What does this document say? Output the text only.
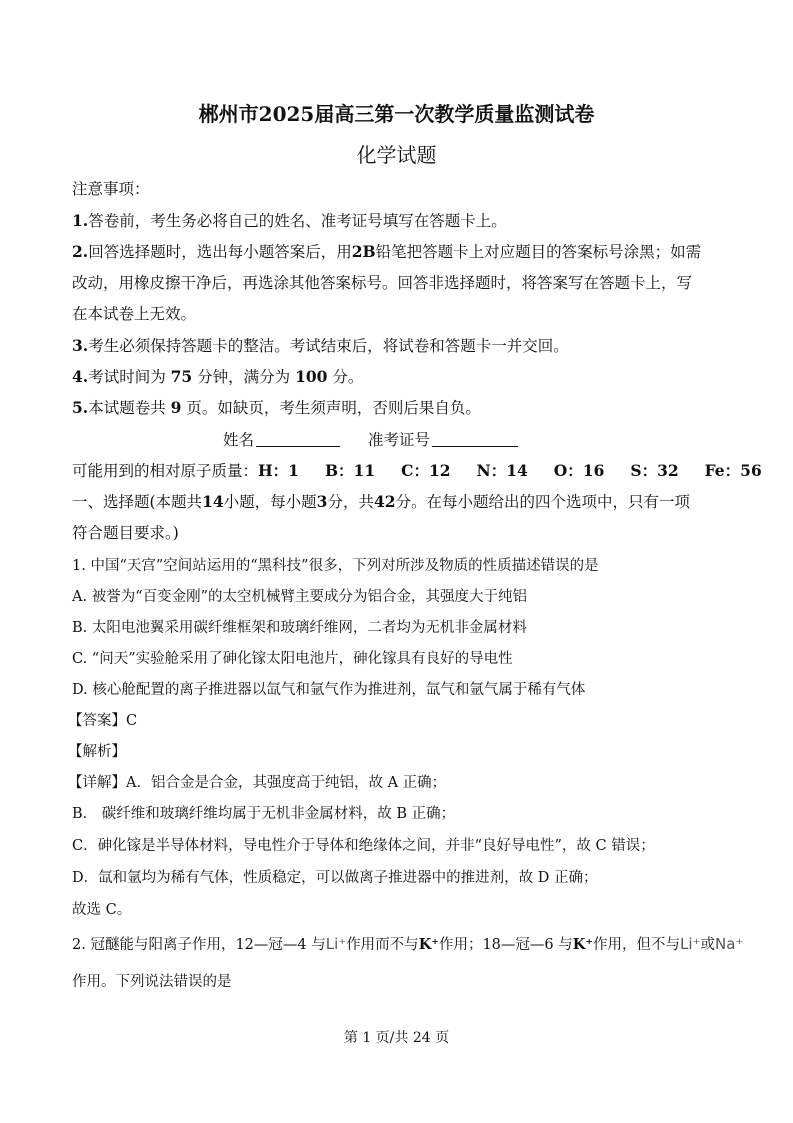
郴州市2025届高三第一次教学质量监测试卷
化学试题
注意事项：
1.答卷前，考生务必将自己的姓名、准考证号填写在答题卡上。
2.回答选择题时，选出每小题答案后，用2B铅笔把答题卡上对应题目的答案标号涂黑；如需
改动，用橡皮擦干净后，再选涂其他答案标号。回答非选择题时，将答案写在答题卡上，写
在本试卷上无效。
3.考生必须保持答题卡的整洁。考试结束后，将试卷和答题卡一并交回。
4.考试时间为 75 分钟，满分为 100 分。
5.本试题卷共 9 页。如缺页，考生须声明，否则后果自负。
姓名	准考证号
可能用到的相对原子质量：H：1 B：11 C：12 N：14 O：16 S：32 Fe：56
一、选择题(本题共14小题，每小题3分，共42分。在每小题给出的四个选项中，只有一项
符合题目要求。)
1. 中国“天宫”空间站运用的“黑科技”很多，下列对所涉及物质的性质描述错误的是
A. 被誉为“百变金刚”的太空机械臂主要成分为铝合金，其强度大于纯铝
B. 太阳电池翼采用碳纤维框架和玻璃纤维网，二者均为无机非金属材料
C. “问天”实验舱采用了砷化镓太阳电池片，砷化镓具有良好的导电性
D. 核心舱配置的离子推进器以氙气和氩气作为推进剂，氙气和氩气属于稀有气体
【答案】C
【解析】
【详解】A．铝合金是合金，其强度高于纯铝，故 A 正确；
B． 碳纤维和玻璃纤维均属于无机非金属材料，故 B 正确；
C．砷化镓是半导体材料，导电性介于导体和绝缘体之间，并非“良好导电性”，故 C 错误；
D．氙和氩均为稀有气体，性质稳定，可以做离子推进器中的推进剂，故 D 正确；
故选 C。
2. 冠醚能与阳离子作用，12—冠—4 与Li⁺作用而不与K⁺作用；18—冠—6 与K⁺作用，但不与Li⁺或Na⁺
作用。下列说法错误的是
第 1 页/共 24 页
